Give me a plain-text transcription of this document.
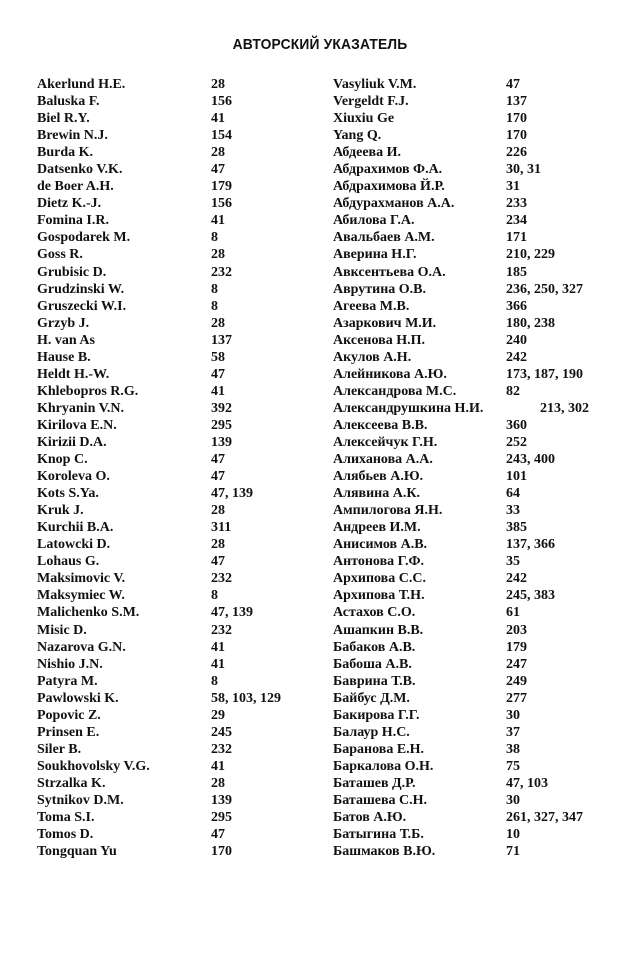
АВТОРСКИЙ УКАЗАТЕЛЬ
Akerlund H.E.	28
Baluska F.	156
Biel R.Y.	41
Brewin N.J.	154
Burda K.	28
Datsenko V.K.	47
de Boer A.H.	179
Dietz K.-J.	156
Fomina I.R.	41
Gospodarek M.	8
Goss R.	28
Grubisic D.	232
Grudzinski W.	8
Gruszecki W.I.	8
Grzyb J.	28
H. van As	137
Hause B.	58
Heldt H.-W.	47
Khlebopros R.G.	41
Khryanin V.N.	392
Kirilova E.N.	295
Kirizii D.A.	139
Knop C.	47
Koroleva O.	47
Kots S.Ya.	47, 139
Kruk J.	28
Kurchii B.A.	311
Latowcki D.	28
Lohaus G.	47
Maksimovic V.	232
Maksymiec W.	8
Malichenko S.M.	47, 139
Misic D.	232
Nazarova G.N.	41
Nishio J.N.	41
Patyra M.	8
Pawlowski K.	58, 103, 129
Popovic Z.	29
Prinsen E.	245
Siler B.	232
Soukhovolsky V.G.	41
Strzalka K.	28
Sytnikov D.M.	139
Toma S.I.	295
Tomos D.	47
Tongquan Yu	170
Vasyliuk V.M.	47
Vergeldt F.J.	137
Xiuxiu Ge	170
Yang Q.	170
Абдеева И.	226
Абдрахимов Ф.А.	30, 31
Абдрахимова Й.Р.	31
Абдурахманов А.А.	233
Абилова Г.А.	234
Авальбаев А.М.	171
Аверина Н.Г.	210, 229
Авксентьева О.А.	185
Аврутина О.В.	236, 250, 327
Агеева М.В.	366
Азаркович М.И.	180, 238
Аксенова Н.П.	240
Акулов А.Н.	242
Алейникова А.Ю.	173, 187, 190
Александрова М.С.	82
Александрушкина Н.И.	213, 302
Алексеева В.В.	360
Алексейчук Г.Н.	252
Алиханова А.А.	243, 400
Алябьев А.Ю.	101
Алявина А.К.	64
Ампилогова Я.Н.	33
Андреев И.М.	385
Анисимов А.В.	137, 366
Антонова Г.Ф.	35
Архипова С.С.	242
Архипова Т.Н.	245, 383
Астахов С.О.	61
Ашапкин В.В.	203
Бабаков А.В.	179
Бабоша А.В.	247
Баврина Т.В.	249
Байбус Д.М.	277
Бакирова Г.Г.	30
Балаур Н.С.	37
Баранова Е.Н.	38
Баркалова О.Н.	75
Баташев Д.Р.	47, 103
Баташева С.Н.	30
Батов А.Ю.	261, 327, 347
Батыгина Т.Б.	10
Башмаков В.Ю.	71
